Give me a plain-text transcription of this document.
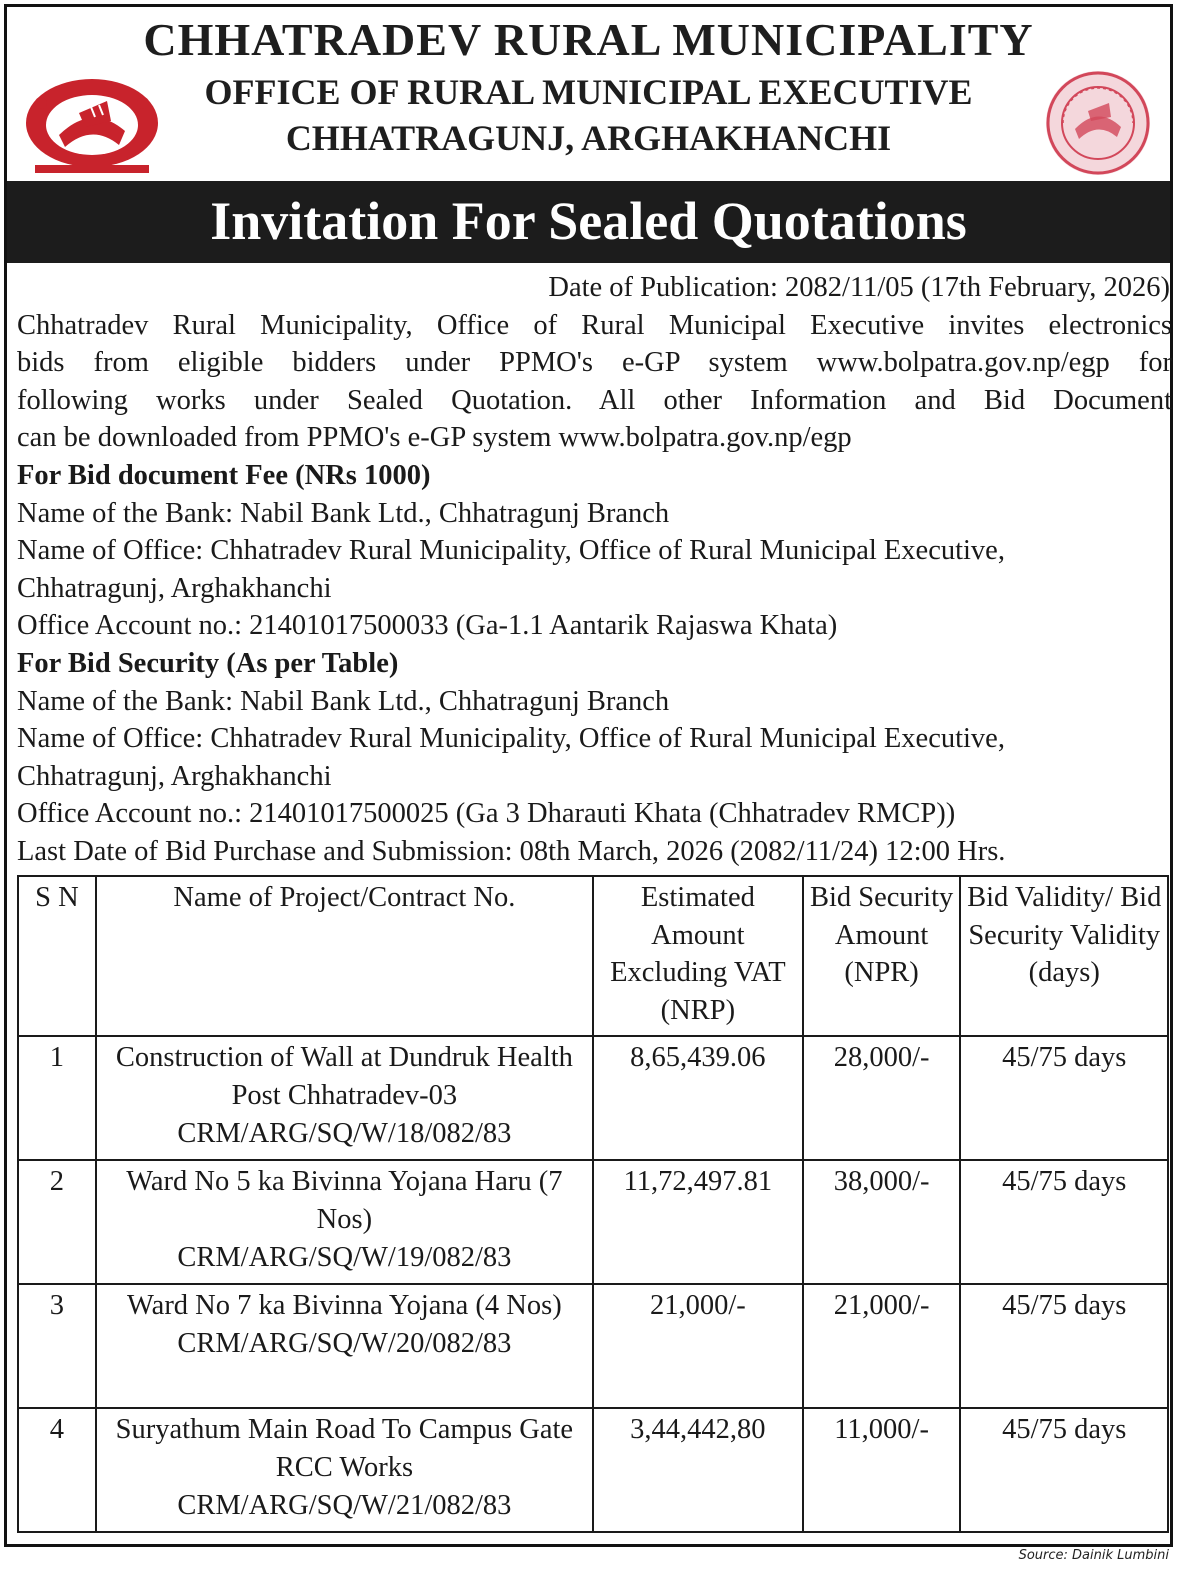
CHHATRADEV RURAL MUNICIPALITY
OFFICE OF RURAL MUNICIPAL EXECUTIVE
CHHATRAGUNJ, ARGHAKHANCHI
Invitation For Sealed Quotations
Date of Publication: 2082/11/05 (17th February, 2026)
Chhatradev Rural Municipality, Office of Rural Municipal Executive invites electronics
bids from eligible bidders under PPMO's e-GP system www.bolpatra.gov.np/egp for
following works under Sealed Quotation. All other Information and Bid Document
can be downloaded from PPMO's e-GP system www.bolpatra.gov.np/egp
For Bid document Fee (NRs 1000)
Name of the Bank: Nabil Bank Ltd., Chhatragunj Branch
Name of Office: Chhatradev Rural Municipality, Office of Rural Municipal Executive,
Chhatragunj, Arghakhanchi
Office Account no.: 21401017500033 (Ga-1.1 Aantarik Rajaswa Khata)
For Bid Security (As per Table)
Name of the Bank: Nabil Bank Ltd., Chhatragunj Branch
Name of Office: Chhatradev Rural Municipality, Office of Rural Municipal Executive,
Chhatragunj, Arghakhanchi
Office Account no.: 21401017500025 (Ga 3 Dharauti Khata (Chhatradev RMCP))
Last Date of Bid Purchase and Submission: 08th March, 2026 (2082/11/24) 12:00 Hrs.
S N	Name of Project/Contract No.	Estimated Amount Excluding VAT (NRP)	Bid Security Amount (NPR)	Bid Validity/ Bid Security Validity (days)
1	Construction of Wall at Dundruk Health Post Chhatradev-03
CRM/ARG/SQ/W/18/082/83	8,65,439.06	28,000/-	45/75 days
2	Ward No 5 ka Bivinna Yojana Haru (7 Nos)
CRM/ARG/SQ/W/19/082/83	11,72,497.81	38,000/-	45/75 days
3	Ward No 7 ka Bivinna Yojana (4 Nos)
CRM/ARG/SQ/W/20/082/83	21,000/-	21,000/-	45/75 days
4	Suryathum Main Road To Campus Gate RCC Works
CRM/ARG/SQ/W/21/082/83	3,44,442,80	11,000/-	45/75 days
Source: Dainik Lumbini
